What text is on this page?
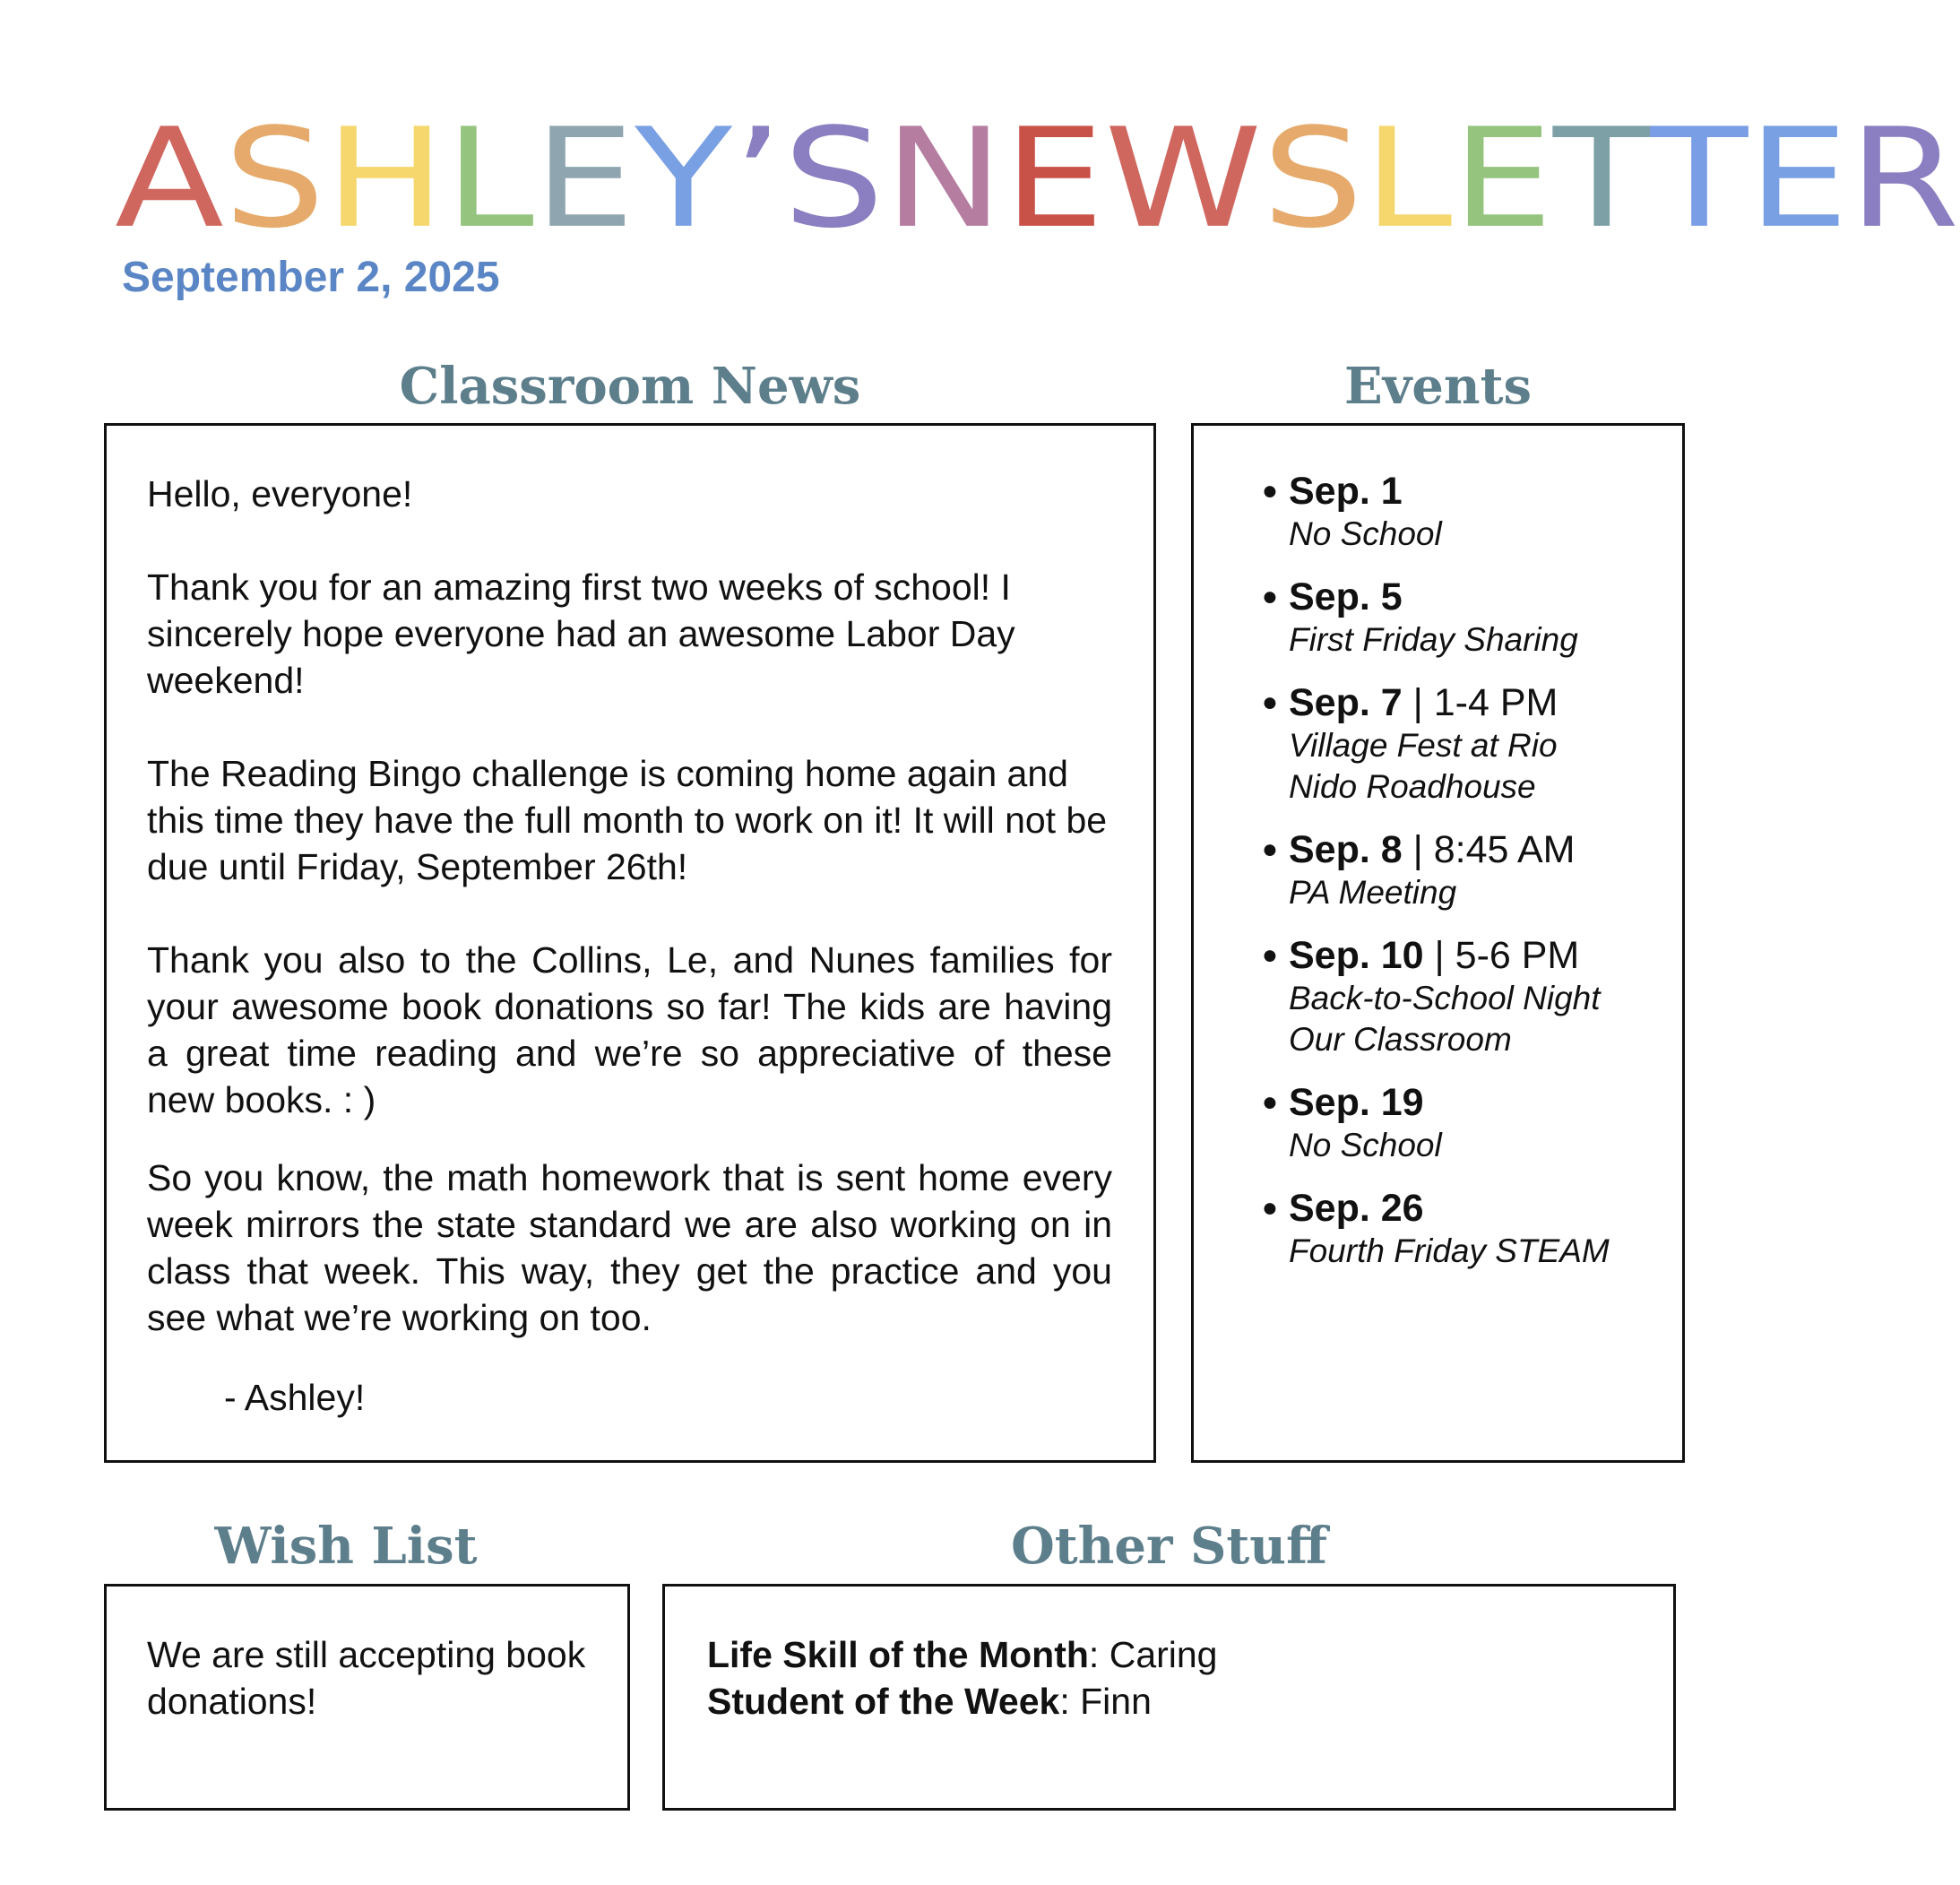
A S H L E Y ’ S N E W S L E T T E R
September 2, 2025
Classroom News

Hello, everyone!

Thank you for an amazing first two weeks of school! I sincerely hope everyone had an awesome Labor Day weekend!

The Reading Bingo challenge is coming home again and this time they have the full month to work on it! It will not be due until Friday, September 26th!

Thank you also to the Collins, Le, and Nunes families for your awesome book donations so far! The kids are having a great time reading and we’re so appreciative of these new books. : )

So you know, the math homework that is sent home every week mirrors the state standard we are also working on in class that week. This way, they get the practice and you see what we’re working on too.

- Ashley!

Events
●
Sep. 1
No School
●
Sep. 5
First Friday Sharing
●
Sep. 7 | 1-4 PM
Village Fest at Rio Nido Roadhouse
●
Sep. 8 | 8:45 AM
PA Meeting
●
Sep. 10 | 5-6 PM
Back-to-School Night Our Classroom
●
Sep. 19
No School
●
Sep. 26
Fourth Friday STEAM
Wish List

We are still accepting book donations!

Other Stuff

Life Skill of the Month: Caring

Student of the Week: Finn
